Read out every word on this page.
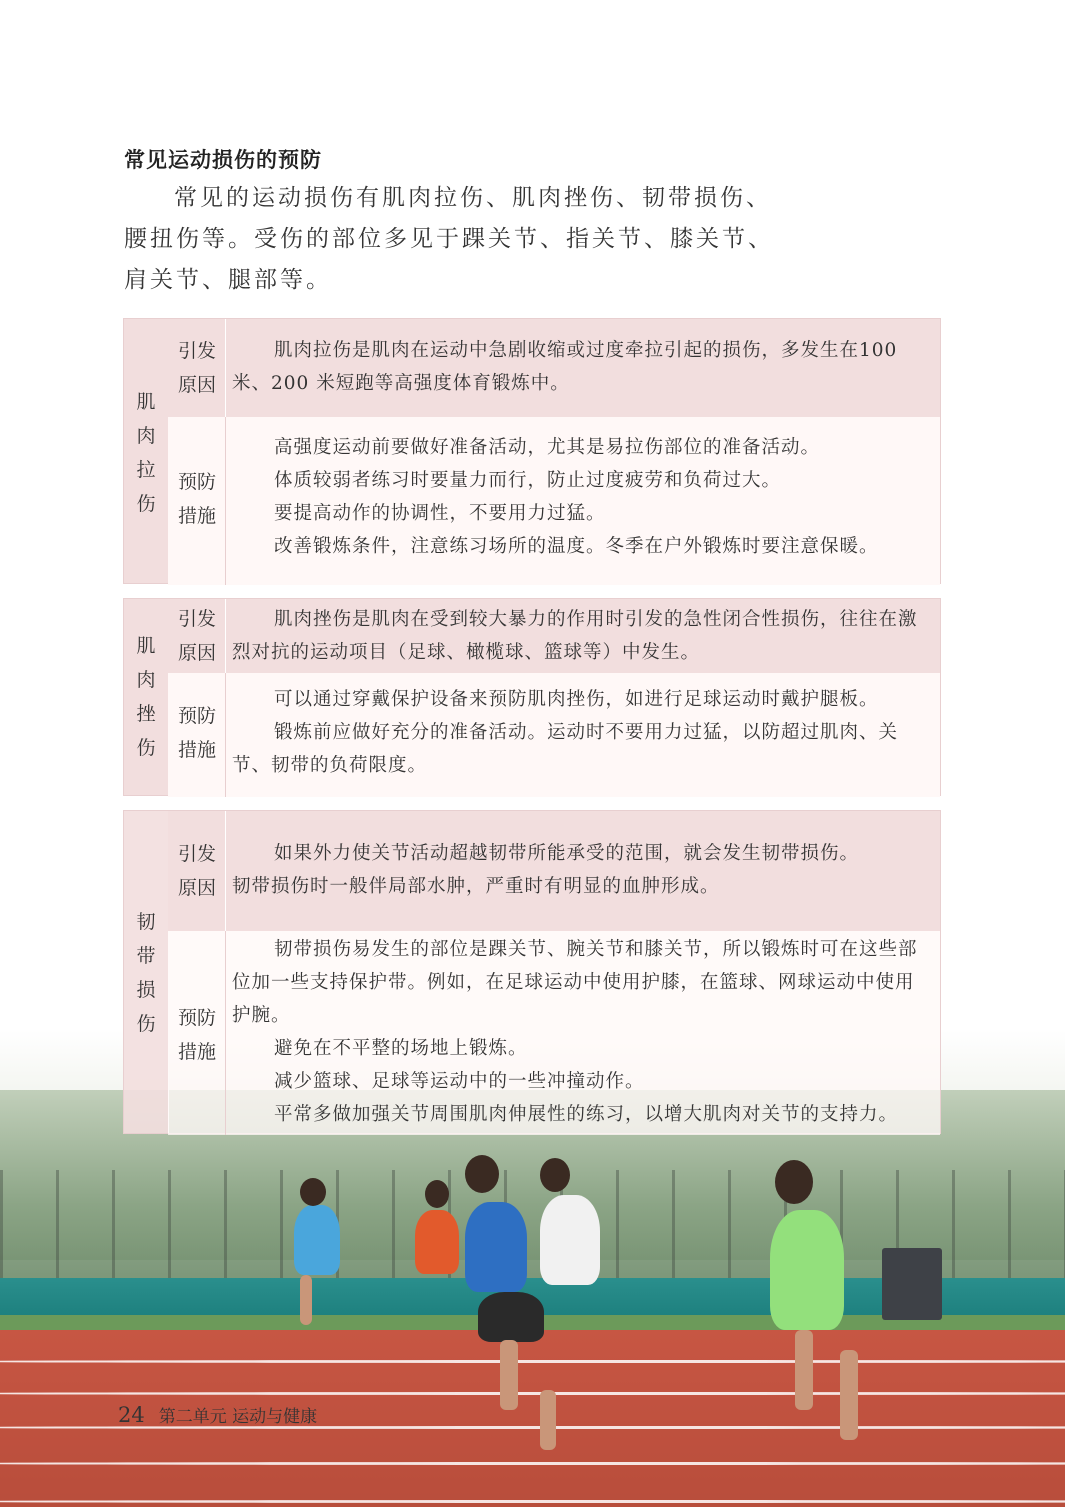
常见运动损伤的预防

常见的运动损伤有肌肉拉伤、肌肉挫伤、韧带损伤、腰扭伤等。受伤的部位多见于踝关节、指关节、膝关节、肩关节、腿部等。

肌
肉
拉
伤
引发
原因

肌肉拉伤是肌肉在运动中急剧收缩或过度牵拉引起的损伤，多发生在100 米、200 米短跑等高强度体育锻炼中。

预防
措施

高强度运动前要做好准备活动，尤其是易拉伤部位的准备活动。

体质较弱者练习时要量力而行，防止过度疲劳和负荷过大。

要提高动作的协调性，不要用力过猛。

改善锻炼条件，注意练习场所的温度。冬季在户外锻炼时要注意保暖。

肌
肉
挫
伤
引发
原因

肌肉挫伤是肌肉在受到较大暴力的作用时引发的急性闭合性损伤，往往在激烈对抗的运动项目（足球、橄榄球、篮球等）中发生。

预防
措施

可以通过穿戴保护设备来预防肌肉挫伤，如进行足球运动时戴护腿板。

锻炼前应做好充分的准备活动。运动时不要用力过猛，以防超过肌肉、关节、韧带的负荷限度。

韧
带
损
伤
引发
原因

如果外力使关节活动超越韧带所能承受的范围，就会发生韧带损伤。

韧带损伤时一般伴局部水肿，严重时有明显的血肿形成。

预防
措施

韧带损伤易发生的部位是踝关节、腕关节和膝关节，所以锻炼时可在这些部位加一些支持保护带。例如，在足球运动中使用护膝，在篮球、网球运动中使用护腕。

避免在不平整的场地上锻炼。

减少篮球、足球等运动中的一些冲撞动作。

平常多做加强关节周围肌肉伸展性的练习，以增大肌肉对关节的支持力。

24 第二单元 运动与健康
